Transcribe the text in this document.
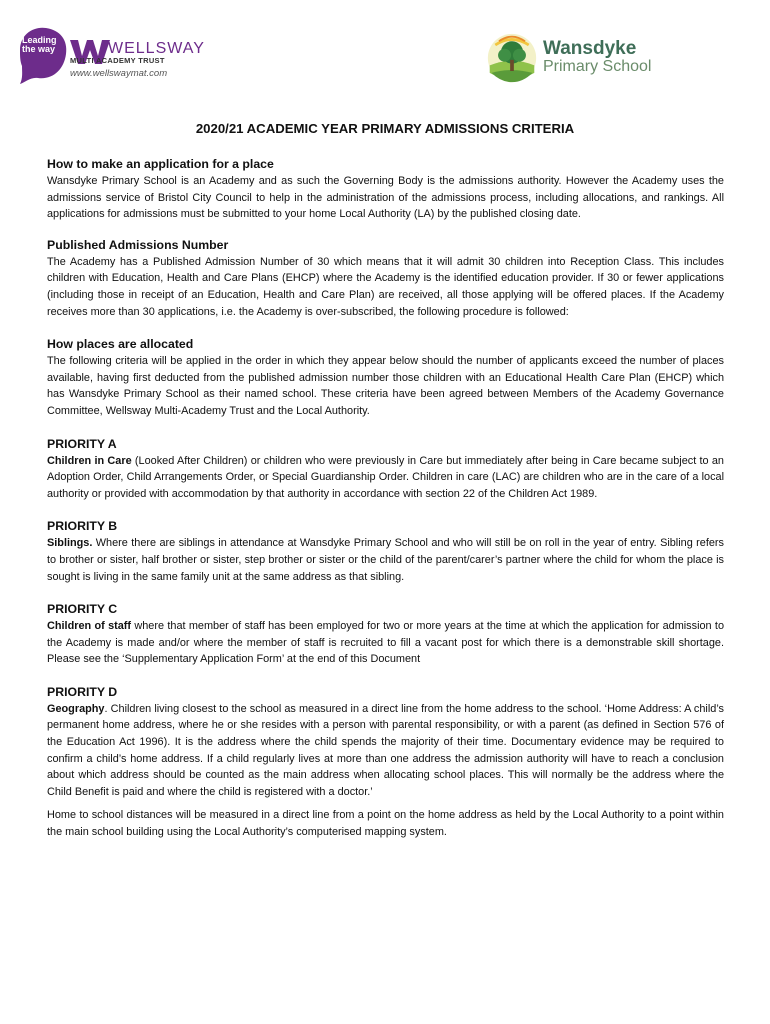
Leading the way	WELLSWAY
MULTI ACADEMY TRUST
www.wellswaymat.com
Wansdyke
Primary School
2020/21 ACADEMIC YEAR PRIMARY ADMISSIONS CRITERIA

How to make an application for a place

Wansdyke Primary School is an Academy and as such the Governing Body is the admissions authority. However the Academy uses the admissions service of Bristol City Council to help in the administration of the admissions process, including allocations, and rankings. All applications for admissions must be submitted to your home Local Authority (LA) by the published closing date.

Published Admissions Number

The Academy has a Published Admission Number of 30 which means that it will admit 30 children into Reception Class. This includes children with Education, Health and Care Plans (EHCP) where the Academy is the identified education provider. If 30 or fewer applications (including those in receipt of an Education, Health and Care Plan) are received, all those applying will be offered places. If the Academy receives more than 30 applications, i.e. the Academy is over-subscribed, the following procedure is followed:

How places are allocated

The following criteria will be applied in the order in which they appear below should the number of applicants exceed the number of places available, having first deducted from the published admission number those children with an Educational Health Care Plan (EHCP) which has Wansdyke Primary School as their named school. These criteria have been agreed between Members of the Academy Governance Committee, Wellsway Multi-Academy Trust and the Local Authority.

PRIORITY A

Children in Care (Looked After Children) or children who were previously in Care but immediately after being in Care became subject to an Adoption Order, Child Arrangements Order, or Special Guardianship Order. Children in care (LAC) are children who are in the care of a local authority or provided with accommodation by that authority in accordance with section 22 of the Children Act 1989.

PRIORITY B

Siblings. Where there are siblings in attendance at Wansdyke Primary School and who will still be on roll in the year of entry. Sibling refers to brother or sister, half brother or sister, step brother or sister or the child of the parent/carer’s partner where the child for whom the place is sought is living in the same family unit at the same address as that sibling.

PRIORITY C

Children of staff where that member of staff has been employed for two or more years at the time at which the application for admission to the Academy is made and/or where the member of staff is recruited to fill a vacant post for which there is a demonstrable skill shortage. Please see the ‘Supplementary Application Form’ at the end of this Document

PRIORITY D

Geography. Children living closest to the school as measured in a direct line from the home address to the school. ‘Home Address: A child’s permanent home address, where he or she resides with a person with parental responsibility, or with a parent (as defined in Section 576 of the Education Act 1996). It is the address where the child spends the majority of their time. Documentary evidence may be required to confirm a child’s home address. If a child regularly lives at more than one address the admission authority will have to reach a conclusion about which address should be counted as the main address when allocating school places. This will normally be the address where the Child Benefit is paid and where the child is registered with a doctor.’

Home to school distances will be measured in a direct line from a point on the home address as held by the Local Authority to a point within the main school building using the Local Authority’s computerised mapping system.
